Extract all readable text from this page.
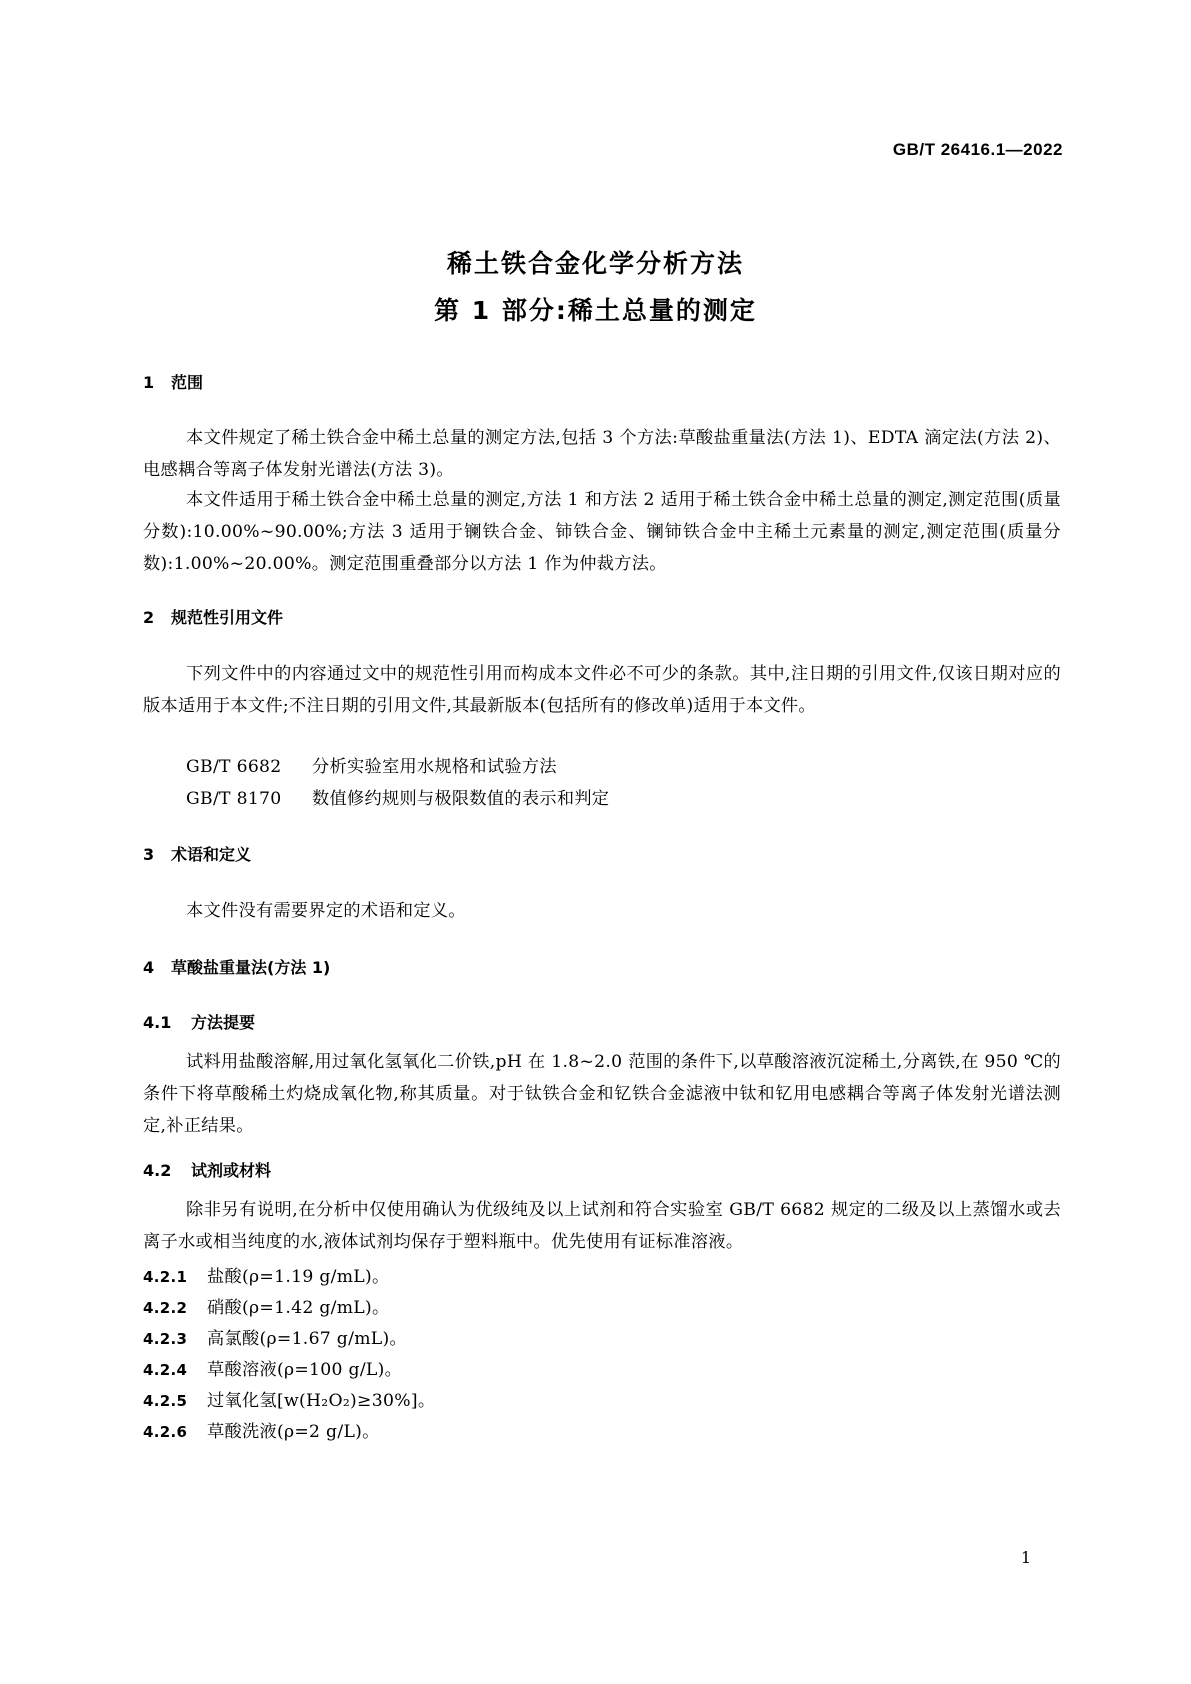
GB/T 26416.1—2022
稀土铁合金化学分析方法
第 1 部分:稀土总量的测定
1 范围
本文件规定了稀土铁合金中稀土总量的测定方法,包括 3 个方法:草酸盐重量法(方法 1)、EDTA 滴定法(方法 2)、电感耦合等离子体发射光谱法(方法 3)。
本文件适用于稀土铁合金中稀土总量的测定,方法 1 和方法 2 适用于稀土铁合金中稀土总量的测定,测定范围(质量分数):10.00%~90.00%;方法 3 适用于镧铁合金、铈铁合金、镧铈铁合金中主稀土元素量的测定,测定范围(质量分数):1.00%~20.00%。测定范围重叠部分以方法 1 作为仲裁方法。
2 规范性引用文件
下列文件中的内容通过文中的规范性引用而构成本文件必不可少的条款。其中,注日期的引用文件,仅该日期对应的版本适用于本文件;不注日期的引用文件,其最新版本(包括所有的修改单)适用于本文件。
GB/T 6682 分析实验室用水规格和试验方法
GB/T 8170 数值修约规则与极限数值的表示和判定
3 术语和定义
本文件没有需要界定的术语和定义。
4 草酸盐重量法(方法 1)
4.1 方法提要
试料用盐酸溶解,用过氧化氢氧化二价铁,pH 在 1.8~2.0 范围的条件下,以草酸溶液沉淀稀土,分离铁,在 950 ℃的条件下将草酸稀土灼烧成氧化物,称其质量。对于钛铁合金和钇铁合金滤液中钛和钇用电感耦合等离子体发射光谱法测定,补正结果。
4.2 试剂或材料
除非另有说明,在分析中仅使用确认为优级纯及以上试剂和符合实验室 GB/T 6682 规定的二级及以上蒸馏水或去离子水或相当纯度的水,液体试剂均保存于塑料瓶中。优先使用有证标准溶液。
4.2.1 盐酸(ρ=1.19 g/mL)。
4.2.2 硝酸(ρ=1.42 g/mL)。
4.2.3 高氯酸(ρ=1.67 g/mL)。
4.2.4 草酸溶液(ρ=100 g/L)。
4.2.5 过氧化氢[w(H₂O₂)≥30%]。
4.2.6 草酸洗液(ρ=2 g/L)。
1
